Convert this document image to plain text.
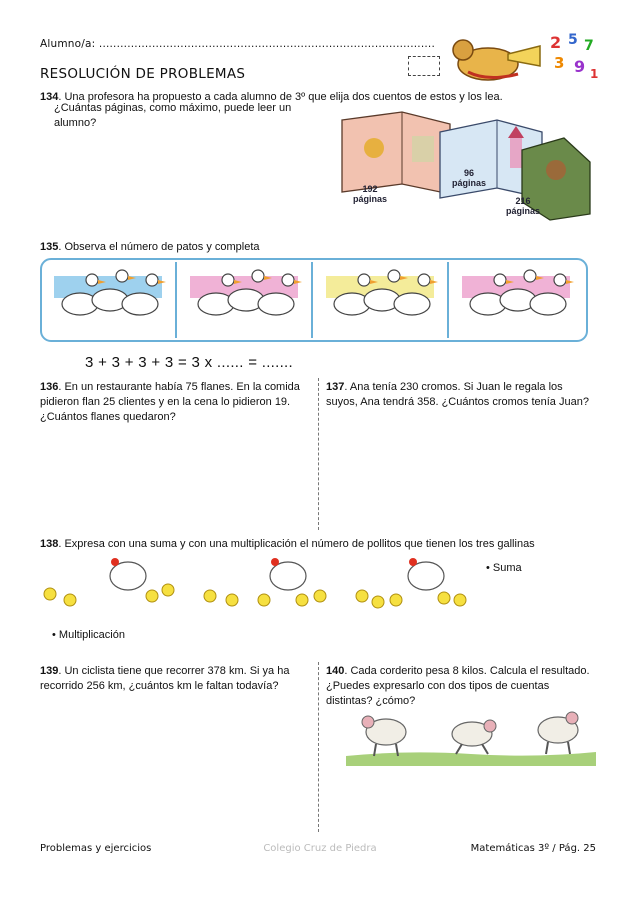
Alumno/a: ...............................................................................................
RESOLUCIÓN DE PROBLEMAS
2 5 7
3 9 1
134. Una profesora ha propuesto a cada alumno de 3º que elija dos cuentos de estos y los lea.
¿Cuántas páginas, como máximo, puede leer un alumno?
192 páginas
96 páginas
216 páginas
135. Observa el número de patos y completa
3 + 3 + 3 + 3 = 3 x ...... = .......
136. En un restaurante había 75 flanes. En la comida pidieron flan 25 clientes y en la cena lo pidieron 19. ¿Cuántos flanes quedaron?
137. Ana tenía 230 cromos. Si Juan le regala los suyos, Ana tendrá 358. ¿Cuántos cromos tenía Juan?
138. Expresa con una suma y con una multiplicación el número de pollitos que tienen los tres gallinas
• Suma
• Multiplicación
139. Un ciclista tiene que recorrer 378 km. Si ya ha recorrido 256 km, ¿cuántos km le faltan todavía?
140. Cada corderito pesa 8 kilos. Calcula el resultado. ¿Puedes expresarlo con dos tipos de cuentas distintas? ¿cómo?
Problemas y ejercicios	Colegio Cruz de Piedra	Matemáticas 3º / Pág. 25
